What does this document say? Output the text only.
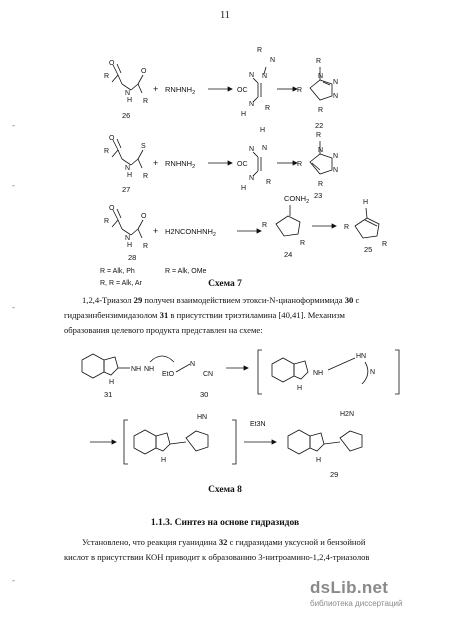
11
R
O
N
H
O
R
26
+ $RNHNH_2$	OC
N
N
H
R
N
N
R
R
R
N
N
N
R
22
R
O
N
H
S
R
27
+ $RNHNH_2$	OC
N
N
H
H
N
R
R
R
N
N
N
R
23
R
O
N
H
O
R
28
+ $H2NCONHNH_2$
$CONH_2$
R
R
24
H
R
R
25
R = Alk, Ph	R = Alk, OMe
R, R = Alk, Ar	Схема 7
1,2,4-Триазол 29 получен взаимодействием этокси-N-цианоформимида 30 с
гидразинбензимидазолом 31 в присутствии триэтиламина [40,41]. Механизм
образования целевого продукта представлен на схеме:
NH NH
H
31
EtO
N
CN
30
NH
H
HN
N
H
HN
Et3N
H
H2N
29
Схема 8
1.1.3. Синтез на основе гидразидов
Установлено, что реакция гуанидина 32 с гидразидами уксусной и бензойной
кислот в присутствии КОН приводит к образованию 3-нитроамино-1,2,4-триазолов
-
-
-
-	dsLib.net
библиотека диссертаций
